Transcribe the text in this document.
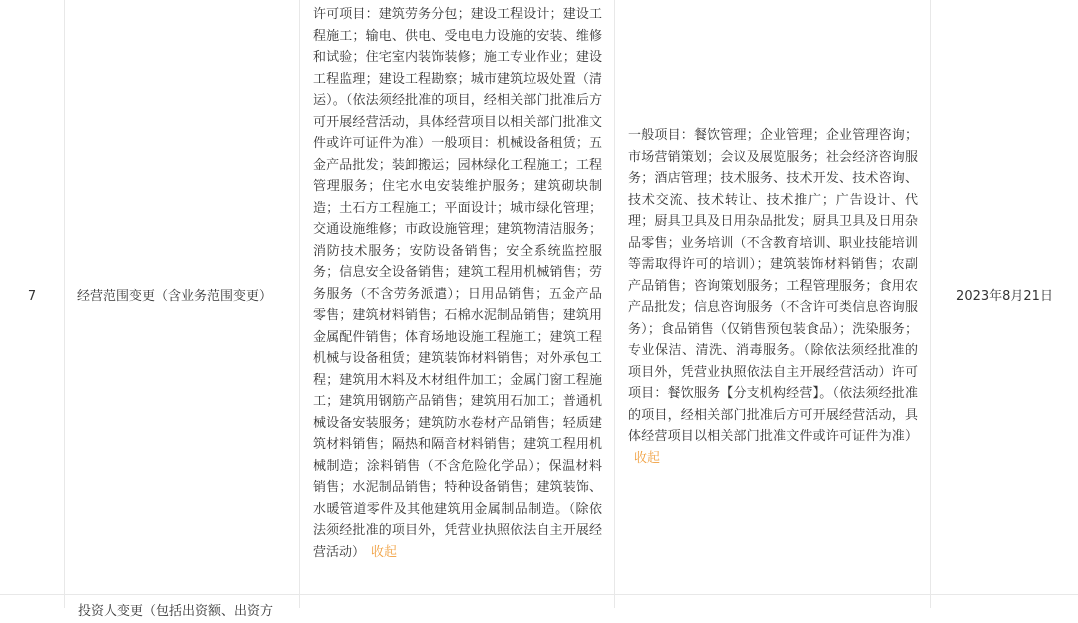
7	经营范围变更（含业务范围变更）
许可项目：建筑劳务分包；建设工程设计；建设工程施工；输电、供电、受电电力设施的安装、维修和试验；住宅室内装饰装修；施工专业作业；建设工程监理；建设工程勘察；城市建筑垃圾处置（清运）。（依法须经批准的项目，经相关部门批准后方可开展经营活动，具体经营项目以相关部门批准文件或许可证件为准）一般项目：机械设备租赁；五金产品批发；装卸搬运；园林绿化工程施工；工程管理服务；住宅水电安装维护服务；建筑砌块制造；土石方工程施工；平面设计；城市绿化管理；交通设施维修；市政设施管理；建筑物清洁服务；消防技术服务；安防设备销售；安全系统监控服务；信息安全设备销售；建筑工程用机械销售；劳务服务（不含劳务派遣）；日用品销售；五金产品零售；建筑材料销售；石棉水泥制品销售；建筑用金属配件销售；体育场地设施工程施工；建筑工程机械与设备租赁；建筑装饰材料销售；对外承包工程；建筑用木料及木材组件加工；金属门窗工程施工；建筑用钢筋产品销售；建筑用石加工；普通机械设备安装服务；建筑防水卷材产品销售；轻质建筑材料销售；隔热和隔音材料销售；建筑工程用机械制造；涂料销售（不含危险化学品）；保温材料销售；水泥制品销售；特种设备销售；建筑装饰、水暖管道零件及其他建筑用金属制品制造。（除依法须经批准的项目外，凭营业执照依法自主开展经营活动） 收起
一般项目：餐饮管理；企业管理；企业管理咨询；市场营销策划；会议及展览服务；社会经济咨询服务；酒店管理；技术服务、技术开发、技术咨询、技术交流、技术转让、技术推广；广告设计、代理；厨具卫具及日用杂品批发；厨具卫具及日用杂品零售；业务培训（不含教育培训、职业技能培训等需取得许可的培训）；建筑装饰材料销售；农副产品销售；咨询策划服务；工程管理服务；食用农产品批发；信息咨询服务（不含许可类信息咨询服务）；食品销售（仅销售预包装食品）；洗染服务；专业保洁、清洗、消毒服务。（除依法须经批准的项目外，凭营业执照依法自主开展经营活动）许可项目：餐饮服务【分支机构经营】。（依法须经批准的项目，经相关部门批准后方可开展经营活动，具体经营项目以相关部门批准文件或许可证件为准）收起
2023年8月21日
投资人变更（包括出资额、出资方
